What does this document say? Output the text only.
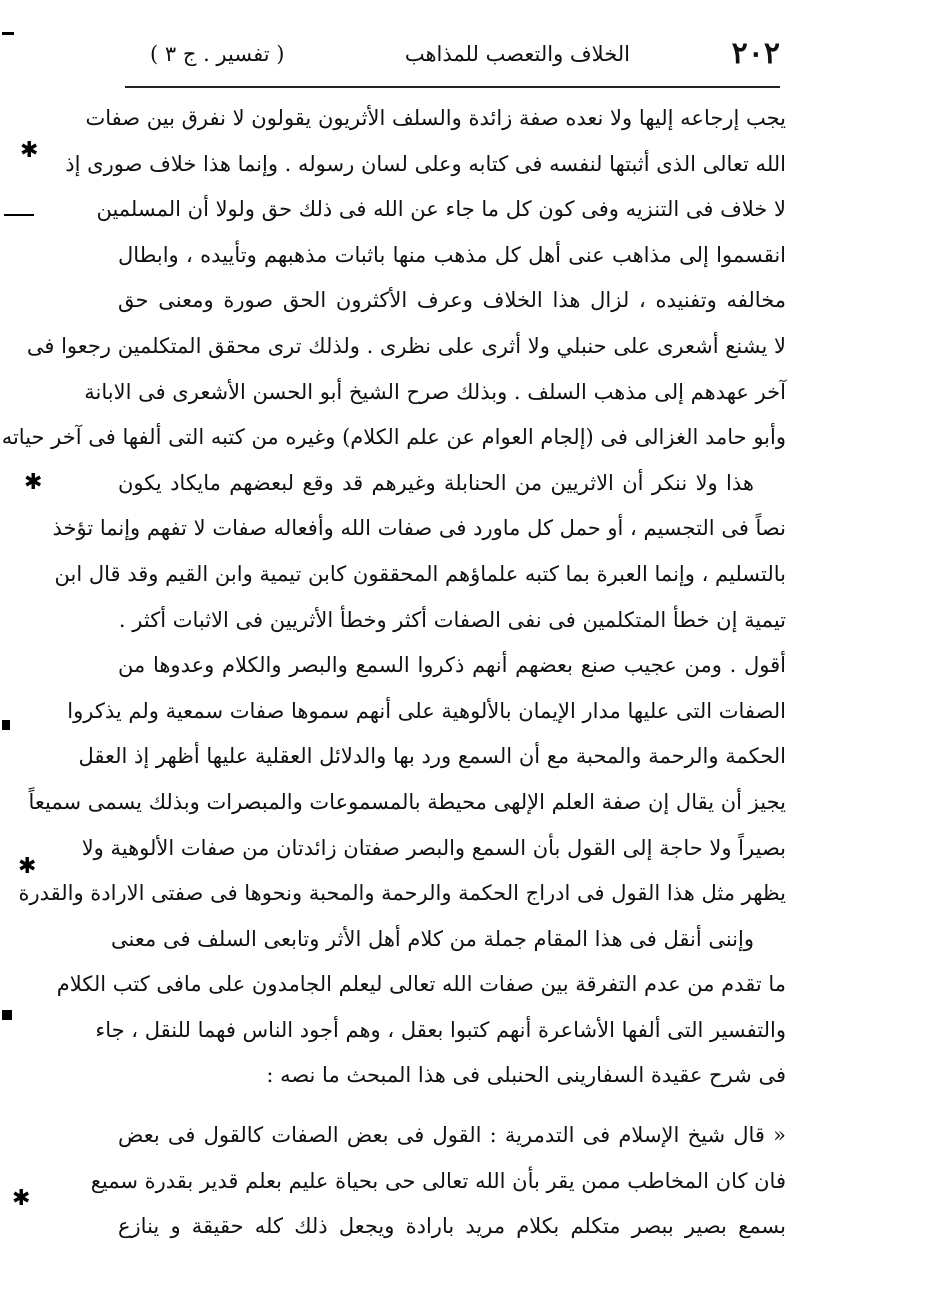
٢٠٢
الخلاف والتعصب للمذاهب
( تفسير . ج ٣ )
يجب إرجاعه إليها ولا نعده صفة زائدة والسلف الأثريون يقولون لا نفرق بين صفات
الله تعالى الذى أثبتها لنفسه فى كتابه وعلى لسان رسوله . وإنما هذا خلاف صورى إذ
لا خلاف فى التنزيه وفى كون كل ما جاء عن الله فى ذلك حق ولولا أن المسلمين
انقسموا إلى مذاهب عنى أهل كل مذهب منها باثبات مذهبهم وتأييده ، وابطال
مخالفه وتفنيده ، لزال هذا الخلاف وعرف الأكثرون الحق صورة ومعنى حق
لا يشنع أشعرى على حنبلي ولا أثرى على نظرى . ولذلك ترى محقق المتكلمين رجعوا فى
آخر عهدهم إلى مذهب السلف . وبذلك صرح الشيخ أبو الحسن الأشعرى فى الابانة
وأبو حامد الغزالى فى (إلجام العوام عن علم الكلام) وغيره من كتبه التى ألفها فى آخر حياته
هذا ولا ننكر أن الاثريين من الحنابلة وغيرهم قد وقع لبعضهم مايكاد يكون
نصاً فى التجسيم ، أو حمل كل ماورد فى صفات الله وأفعاله صفات لا تفهم وإنما تؤخذ
بالتسليم ، وإنما العبرة بما كتبه علماؤهم المحققون كابن تيمية وابن القيم وقد قال ابن
تيمية إن خطأ المتكلمين فى نفى الصفات أكثر وخطأ الأثريين فى الاثبات أكثر .
أقول . ومن عجيب صنع بعضهم أنهم ذكروا السمع والبصر والكلام وعدوها من
الصفات التى عليها مدار الإيمان بالألوهية على أنهم سموها صفات سمعية ولم يذكروا
الحكمة والرحمة والمحبة مع أن السمع ورد بها والدلائل العقلية عليها أظهر إذ العقل
يجيز أن يقال إن صفة العلم الإلهى محيطة بالمسموعات والمبصرات وبذلك يسمى سميعاً
بصيراً ولا حاجة إلى القول بأن السمع والبصر صفتان زائدتان من صفات الألوهية ولا
يظهر مثل هذا القول فى ادراج الحكمة والرحمة والمحبة ونحوها فى صفتى الارادة والقدرة
وإننى أنقل فى هذا المقام جملة من كلام أهل الأثر وتابعى السلف فى معنى
ما تقدم من عدم التفرقة بين صفات الله تعالى ليعلم الجامدون على مافى كتب الكلام
والتفسير التى ألفها الأشاعرة أنهم كتبوا بعقل ، وهم أجود الناس فهما للنقل ، جاء
فى شرح عقيدة السفارينى الحنبلى فى هذا المبحث ما نصه :
« قال شيخ الإسلام فى التدمرية : القول فى بعض الصفات كالقول فى بعض
فان كان المخاطب ممن يقر بأن الله تعالى حى بحياة عليم بعلم قدير بقدرة سميع
بسمع بصير ببصر متكلم بكلام مريد بارادة ويجعل ذلك كله حقيقة و ينازع
✱
✱
✱
✱
